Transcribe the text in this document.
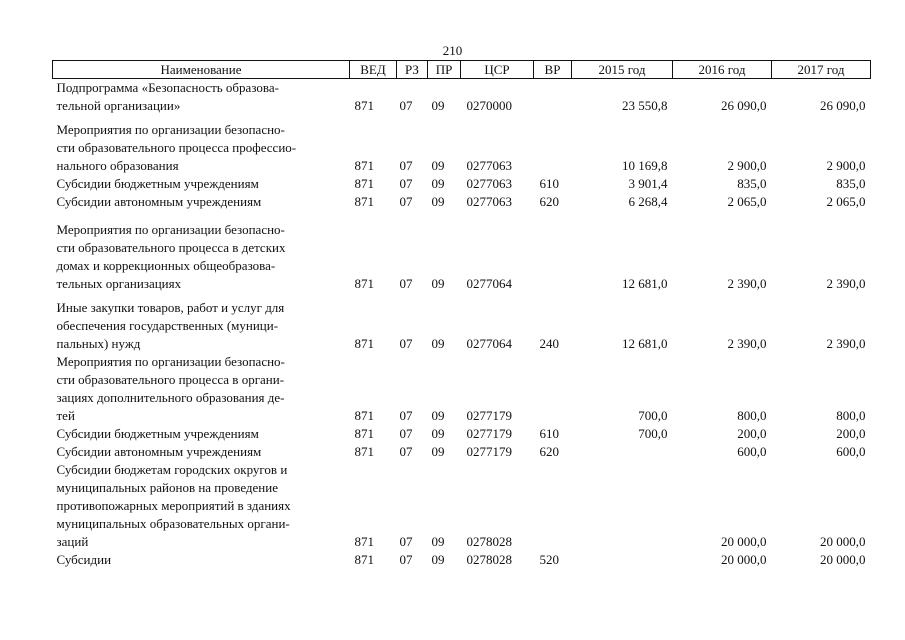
210
Наименование	ВЕД	РЗ	ПР	ЦСР	ВР	2015 год	2016 год	2017 год

Подпрограмма «Безопасность образова-
тельной организации»	871	07	09	0270000		23 550,8	26 090,0	26 090,0

Мероприятия по организации безопасно-
сти образовательного процесса профессио-
нального образования	871	07	09	0277063		10 169,8	2 900,0	2 900,0

Субсидии бюджетным учреждениям	871	07	09	0277063	610	3 901,4	835,0	835,0

Субсидии автономным учреждениям	871	07	09	0277063	620	6 268,4	2 065,0	2 065,0

Мероприятия по организации безопасно-
сти образовательного процесса в детских
домах и коррекционных общеобразова-
тельных организациях	871	07	09	0277064		12 681,0	2 390,0	2 390,0

Иные закупки товаров, работ и услуг для
обеспечения государственных (муници-
пальных) нужд	871	07	09	0277064	240	12 681,0	2 390,0	2 390,0

Мероприятия по организации безопасно-
сти образовательного процесса в органи-
зациях дополнительного образования де-
тей	871	07	09	0277179		700,0	800,0	800,0

Субсидии бюджетным учреждениям	871	07	09	0277179	610	700,0	200,0	200,0

Субсидии автономным учреждениям	871	07	09	0277179	620		600,0	600,0

Субсидии бюджетам городских округов и
муниципальных районов на проведение
противопожарных мероприятий в зданиях
муниципальных образовательных органи-
заций	871	07	09	0278028			20 000,0	20 000,0

Субсидии	871	07	09	0278028	520		20 000,0	20 000,0
